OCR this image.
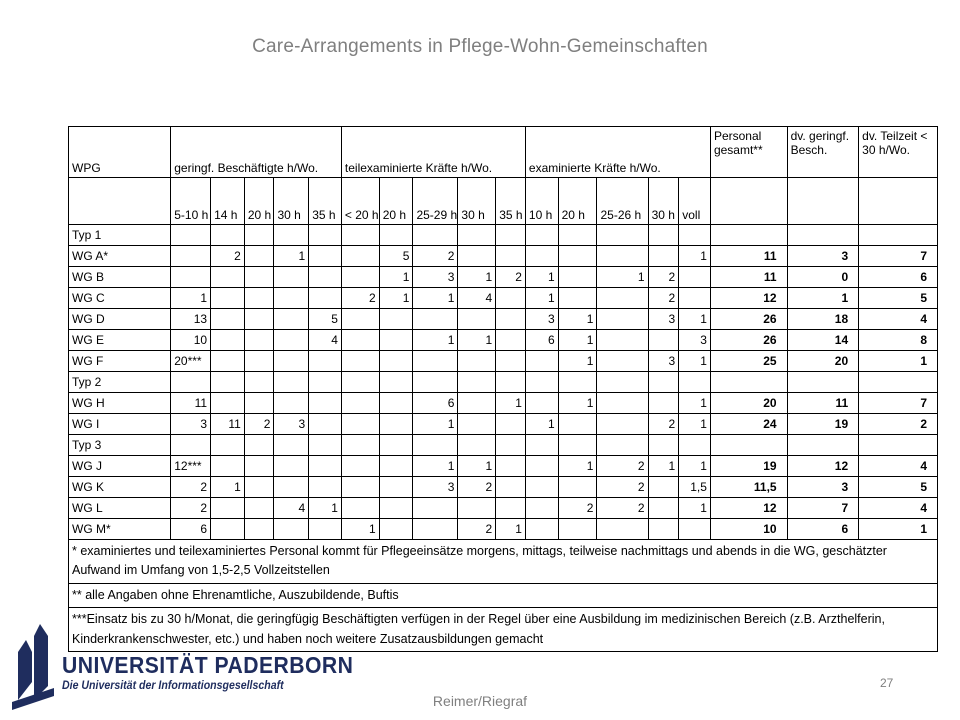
Care-Arrangements in Pflege-Wohn-Gemeinschaften
WPG	geringf. Beschäftigte h/Wo.					teilexaminierte Kräfte h/Wo.					examinierte Kräfte h/Wo.					Personal gesamt**	dv. geringf. Besch.	dv. Teilzeit < 30 h/Wo.
	5-10 h	14 h	20 h	30 h	35 h	< 20 h	20 h	25-29 h	30 h	35 h	10 h	20 h	25-26 h	30 h	voll			
Typ 1																		
WG A*		2		1			5	2							1	11	3	7
WG B							1	3	1	2	1		1	2		11	0	6
WG C	1					2	1	1	4		1			2		12	1	5
WG D	13				5						3	1		3	1	26	18	4
WG E	10				4			1	1		6	1			3	26	14	8
WG F	20***											1		3	1	25	20	1
Typ 2																		
WG H	11							6		1		1			1	20	11	7
WG I	3	11	2	3				1			1			2	1	24	19	2
Typ 3																		
WG J	12***							1	1			1	2	1	1	19	12	4
WG K	2	1						3	2				2		1,5	11,5	3	5
WG L	2			4	1							2	2		1	12	7	4
WG M*	6					1			2	1						10	6	1
* examiniertes und teilexaminiertes Personal kommt für Pflegeeinsätze morgens, mittags, teilweise nachmittags und abends in die WG, geschätzter Aufwand im Umfang von 1,5-2,5 Vollzeitstellen																		
** alle Angaben ohne Ehrenamtliche, Auszubildende, Buftis																		
***Einsatz bis zu 30 h/Monat, die geringfügig Beschäftigten verfügen in der Regel über eine Ausbildung im medizinischen Bereich (z.B. Arzthelferin, Kinderkrankenschwester, etc.) und haben noch weitere Zusatzausbildungen gemacht																		
UNIVERSITÄT PADERBORN
Die Universität der Informationsgesellschaft
Reimer/Riegraf
27
